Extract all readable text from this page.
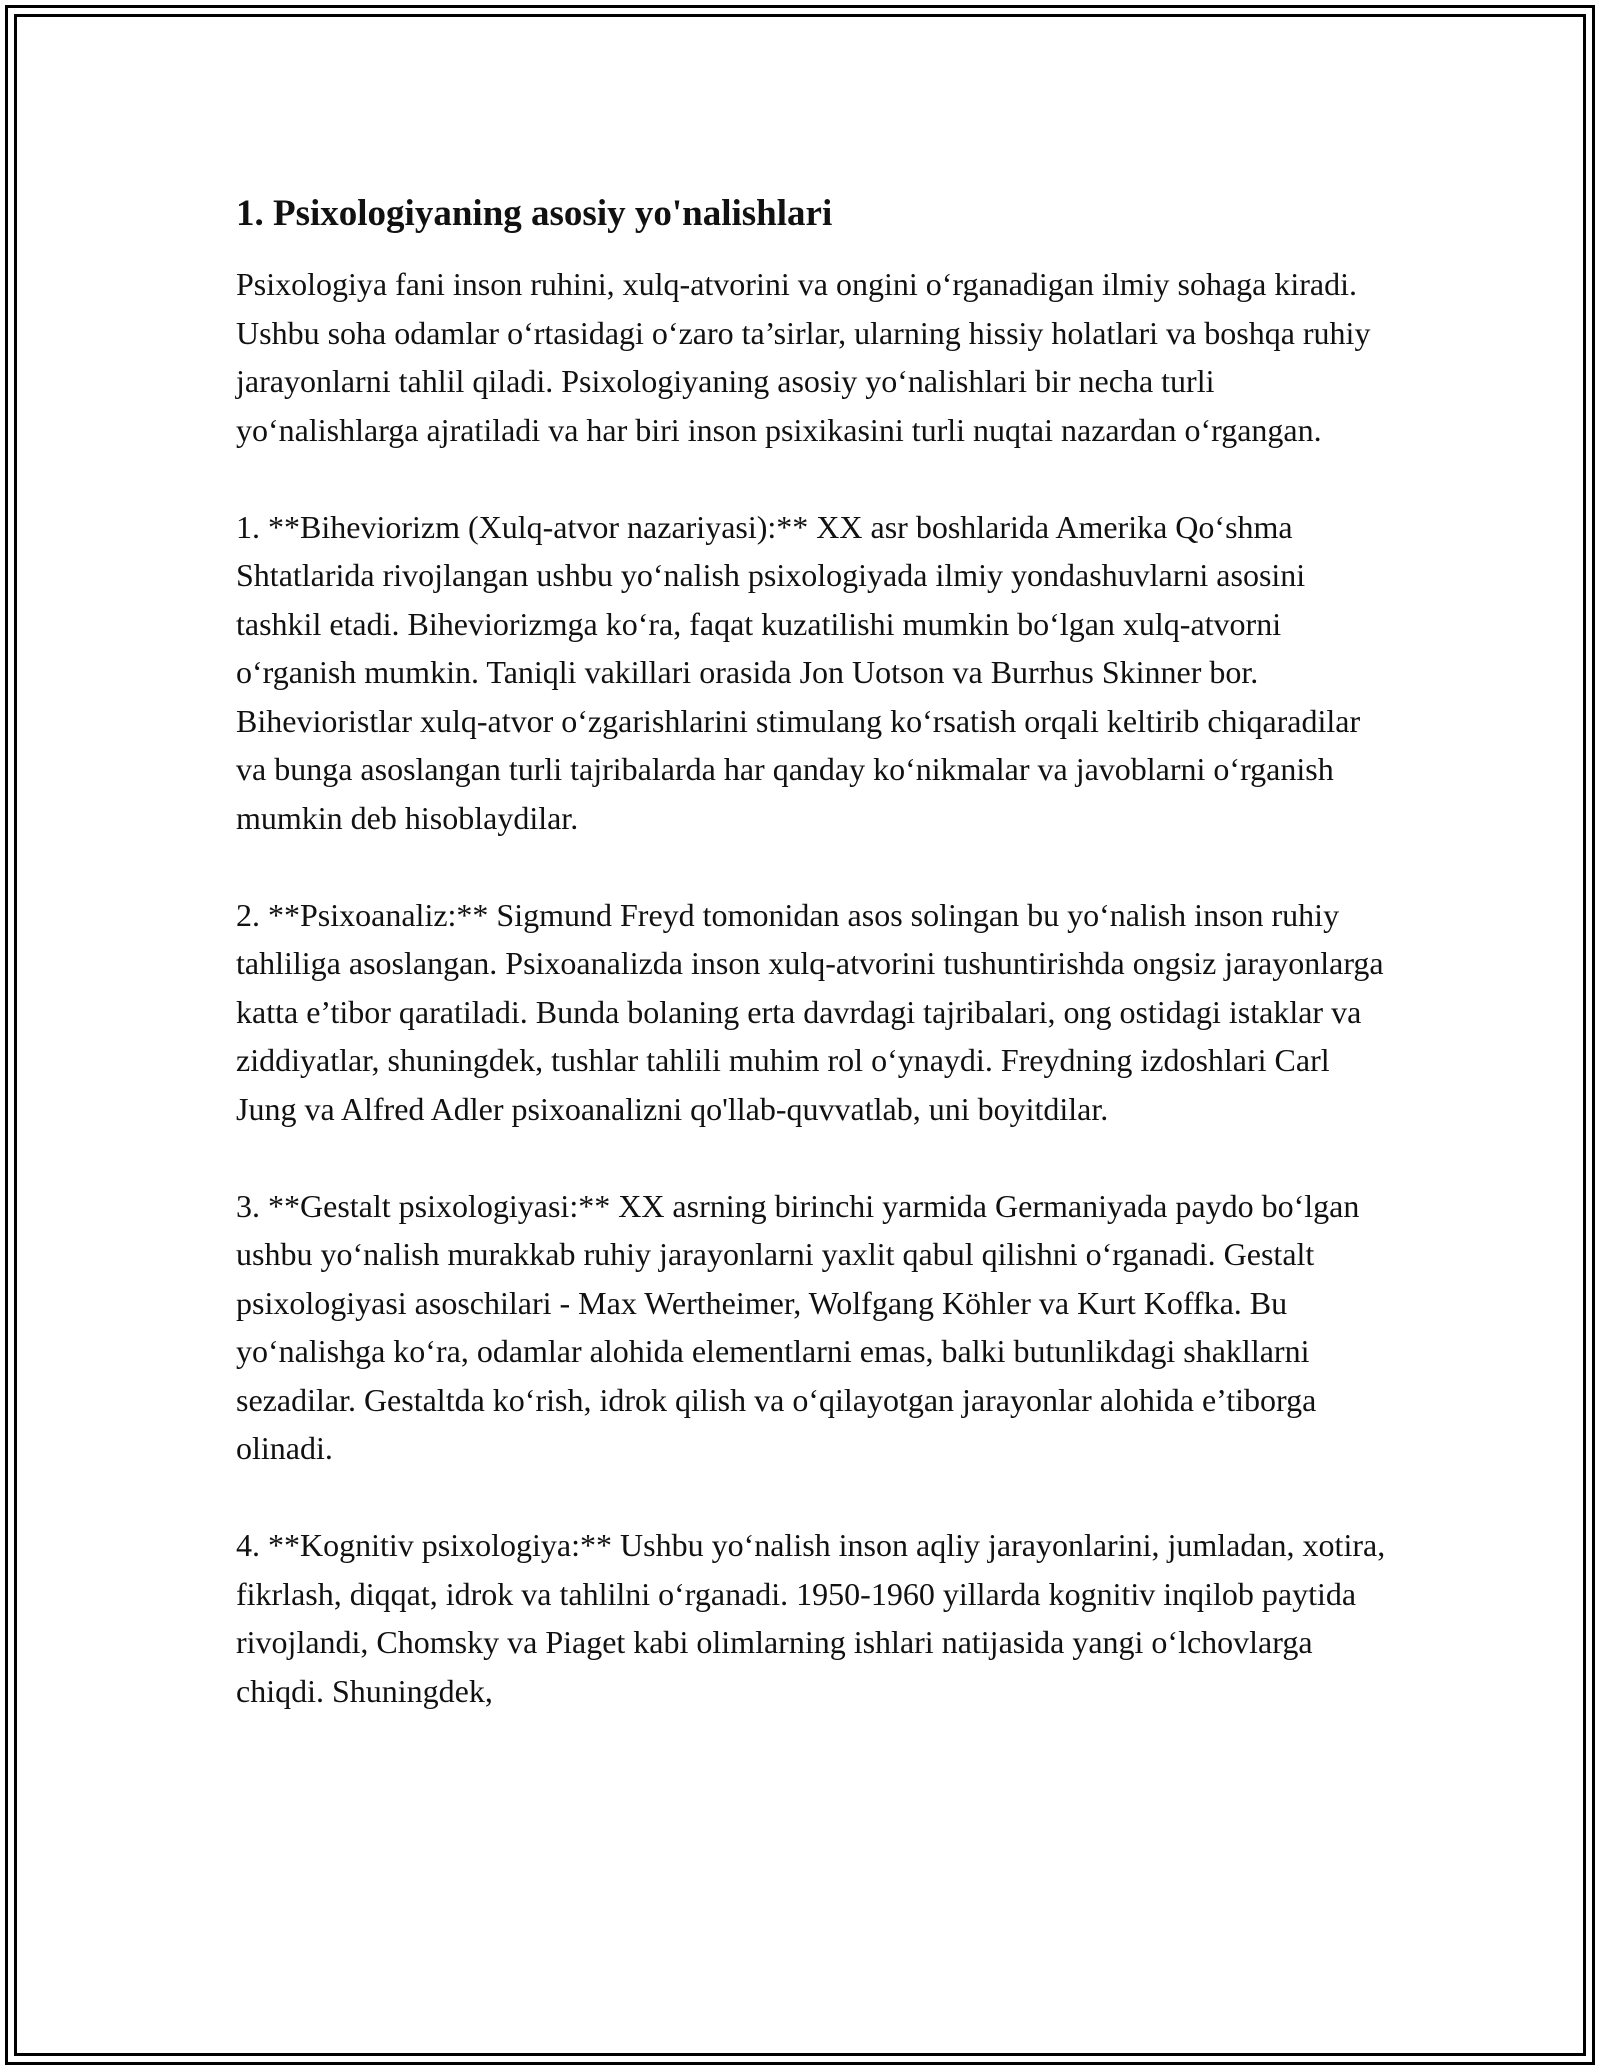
1. Psixologiyaning asosiy yo'nalishlari

Psixologiya fani inson ruhini, xulq-atvorini va ongini o‘rganadigan ilmiy sohaga kiradi. Ushbu soha odamlar o‘rtasidagi o‘zaro ta’sirlar, ularning hissiy holatlari va boshqa ruhiy jarayonlarni tahlil qiladi. Psixologiyaning asosiy yo‘nalishlari bir necha turli yo‘nalishlarga ajratiladi va har biri inson psixikasini turli nuqtai nazardan o‘rgangan.

1. **Biheviorizm (Xulq-atvor nazariyasi):** XX asr boshlarida Amerika Qo‘shma Shtatlarida rivojlangan ushbu yo‘nalish psixologiyada ilmiy yondashuvlarni asosini tashkil etadi. Biheviorizmga ko‘ra, faqat kuzatilishi mumkin bo‘lgan xulq-atvorni o‘rganish mumkin. Taniqli vakillari orasida Jon Uotson va Burrhus Skinner bor. Bihevioristlar xulq-atvor o‘zgarishlarini stimulang ko‘rsatish orqali keltirib chiqaradilar va bunga asoslangan turli tajribalarda har qanday ko‘nikmalar va javoblarni o‘rganish mumkin deb hisoblaydilar.

2. **Psixoanaliz:** Sigmund Freyd tomonidan asos solingan bu yo‘nalish inson ruhiy tahliliga asoslangan. Psixoanalizda inson xulq-atvorini tushuntirishda ongsiz jarayonlarga katta e’tibor qaratiladi. Bunda bolaning erta davrdagi tajribalari, ong ostidagi istaklar va ziddiyatlar, shuningdek, tushlar tahlili muhim rol o‘ynaydi. Freydning izdoshlari Carl Jung va Alfred Adler psixoanalizni qo'llab-quvvatlab, uni boyitdilar.

3. **Gestalt psixologiyasi:** XX asrning birinchi yarmida Germaniyada paydo bo‘lgan ushbu yo‘nalish murakkab ruhiy jarayonlarni yaxlit qabul qilishni o‘rganadi. Gestalt psixologiyasi asoschilari - Max Wertheimer, Wolfgang Köhler va Kurt Koffka. Bu yo‘nalishga ko‘ra, odamlar alohida elementlarni emas, balki butunlikdagi shakllarni sezadilar. Gestaltda ko‘rish, idrok qilish va o‘qilayotgan jarayonlar alohida e’tiborga olinadi.

4. **Kognitiv psixologiya:** Ushbu yo‘nalish inson aqliy jarayonlarini, jumladan, xotira, fikrlash, diqqat, idrok va tahlilni o‘rganadi. 1950-1960 yillarda kognitiv inqilob paytida rivojlandi, Chomsky va Piaget kabi olimlarning ishlari natijasida yangi o‘lchovlarga chiqdi. Shuningdek,
